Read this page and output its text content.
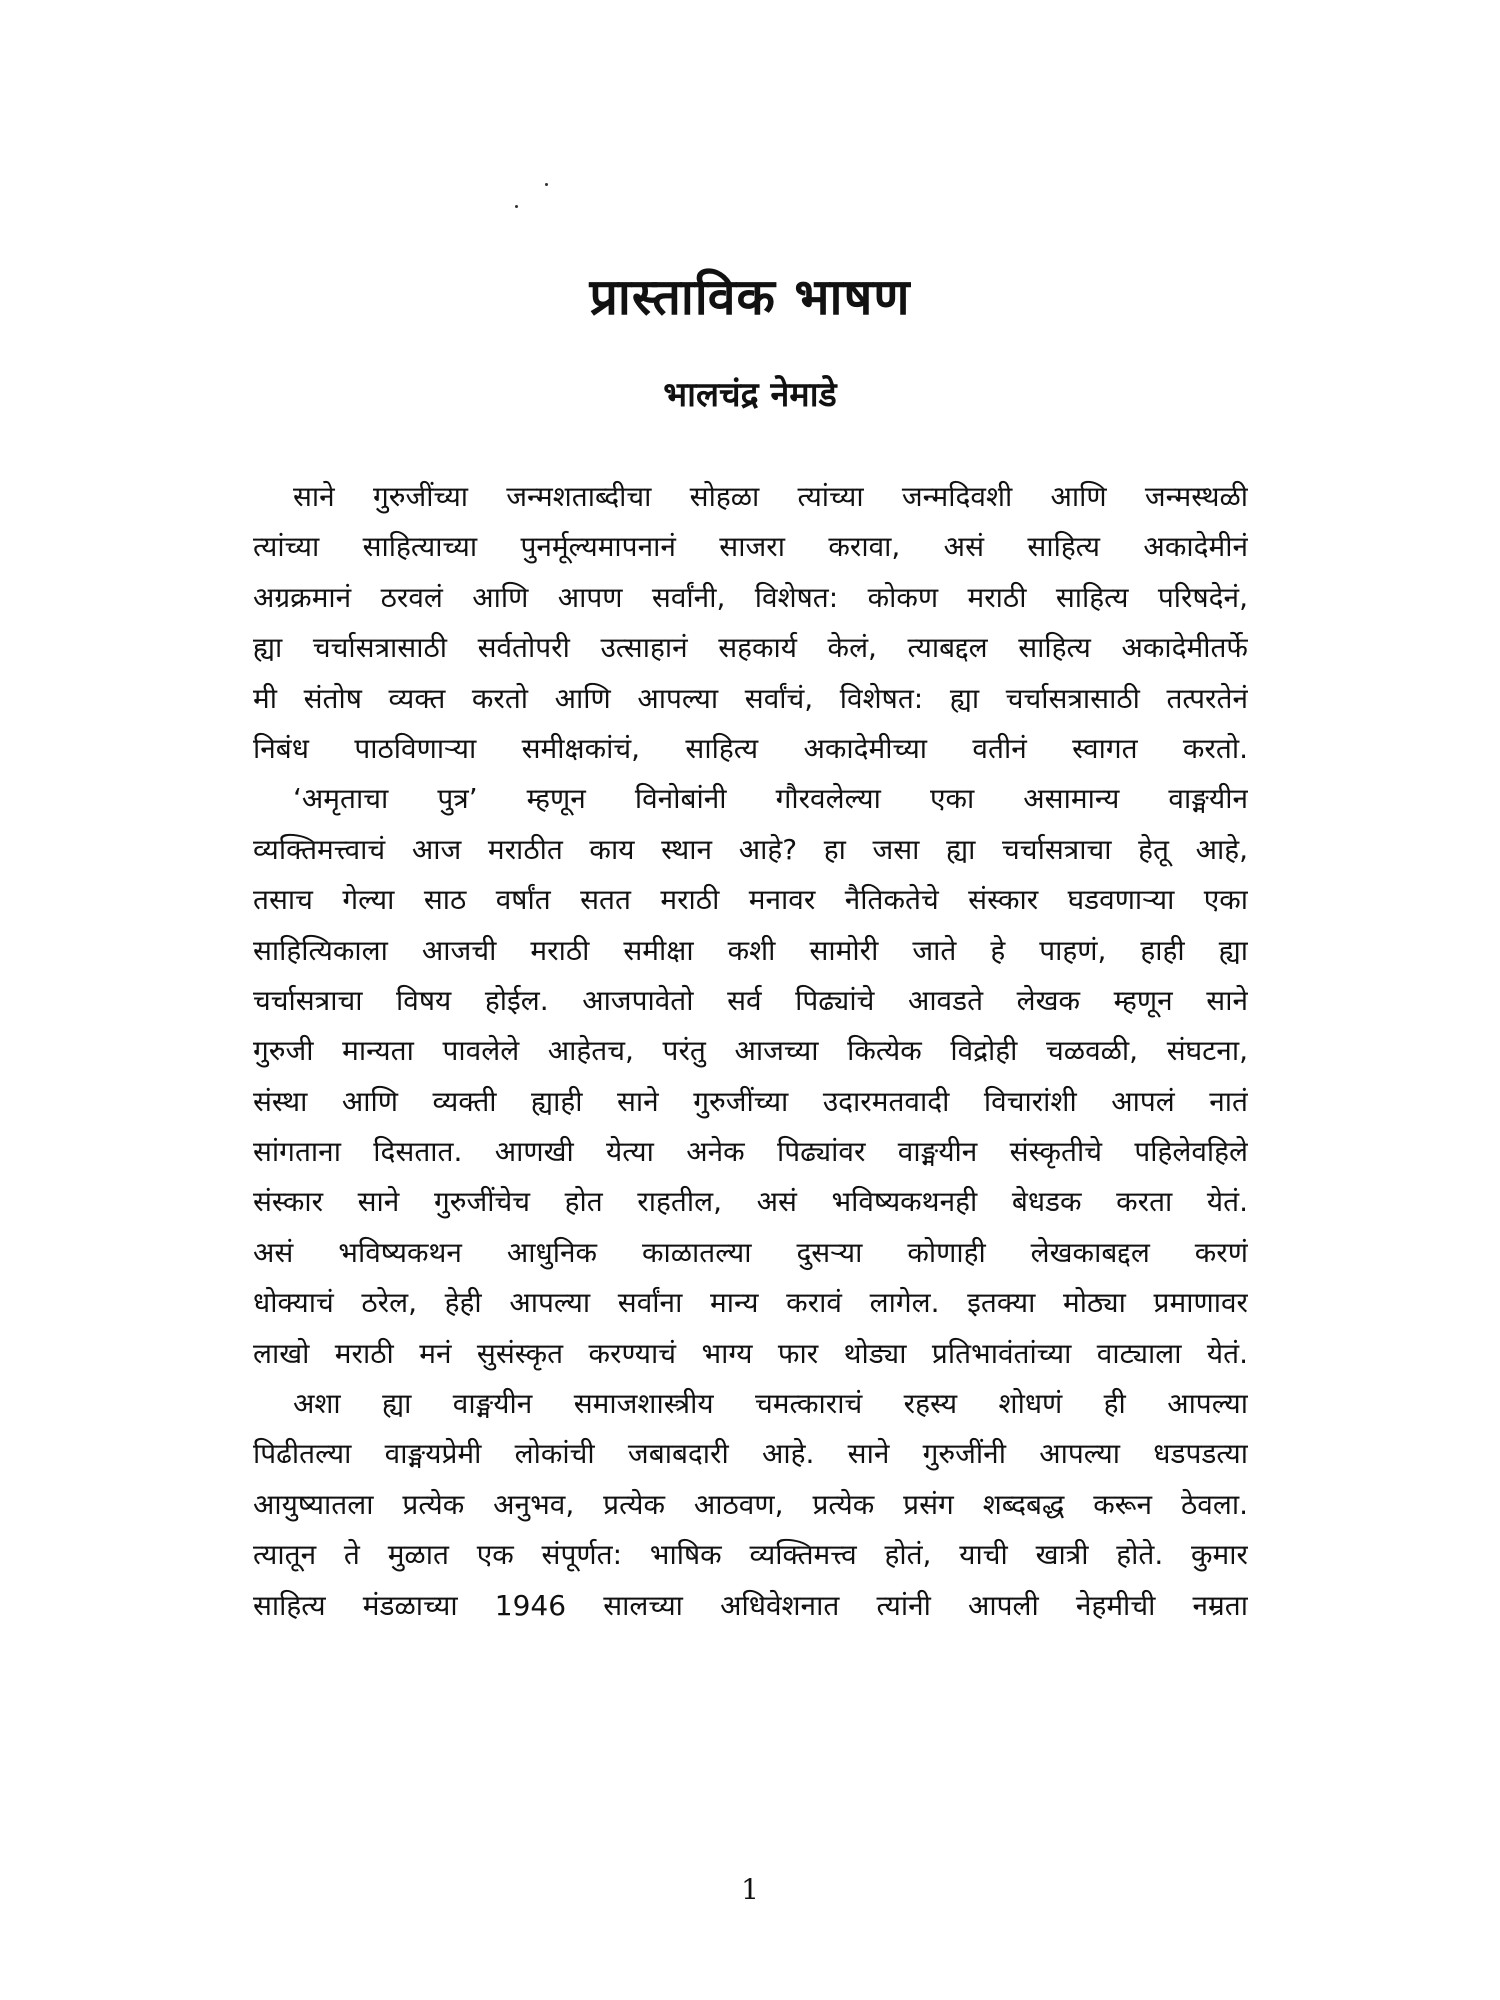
प्रास्ताविक भाषण
भालचंद्र नेमाडे
साने गुरुजींच्या जन्मशताब्दीचा सोहळा त्यांच्या जन्मदिवशी आणि जन्मस्थळी
त्यांच्या साहित्याच्या पुनर्मूल्यमापनानं साजरा करावा, असं साहित्य अकादेमीनं
अग्रक्रमानं ठरवलं आणि आपण सर्वांनी, विशेषत: कोकण मराठी साहित्य परिषदेनं,
ह्या चर्चासत्रासाठी सर्वतोपरी उत्साहानं सहकार्य केलं, त्याबद्दल साहित्य अकादेमीतर्फे
मी संतोष व्यक्त करतो आणि आपल्या सर्वांचं, विशेषत: ह्या चर्चासत्रासाठी तत्परतेनं
निबंध पाठविणाऱ्या समीक्षकांचं, साहित्य अकादेमीच्या वतीनं स्वागत करतो.
‘अमृताचा पुत्र’ म्हणून विनोबांनी गौरवलेल्या एका असामान्य वाङ्मयीन
व्यक्तिमत्त्वाचं आज मराठीत काय स्थान आहे? हा जसा ह्या चर्चासत्राचा हेतू आहे,
तसाच गेल्या साठ वर्षांत सतत मराठी मनावर नैतिकतेचे संस्कार घडवणाऱ्या एका
साहित्यिकाला आजची मराठी समीक्षा कशी सामोरी जाते हे पाहणं, हाही ह्या
चर्चासत्राचा विषय होईल. आजपावेतो सर्व पिढ्यांचे आवडते लेखक म्हणून साने
गुरुजी मान्यता पावलेले आहेतच, परंतु आजच्या कित्येक विद्रोही चळवळी, संघटना,
संस्था आणि व्यक्ती ह्याही साने गुरुजींच्या उदारमतवादी विचारांशी आपलं नातं
सांगताना दिसतात. आणखी येत्या अनेक पिढ्यांवर वाङ्मयीन संस्कृतीचे पहिलेवहिले
संस्कार साने गुरुजींचेच होत राहतील, असं भविष्यकथनही बेधडक करता येतं.
असं भविष्यकथन आधुनिक काळातल्या दुसऱ्या कोणाही लेखकाबद्दल करणं
धोक्याचं ठरेल, हेही आपल्या सर्वांना मान्य करावं लागेल. इतक्या मोठ्या प्रमाणावर
लाखो मराठी मनं सुसंस्कृत करण्याचं भाग्य फार थोड्या प्रतिभावंतांच्या वाट्याला येतं.
अशा ह्या वाङ्मयीन समाजशास्त्रीय चमत्काराचं रहस्य शोधणं ही आपल्या
पिढीतल्या वाङ्मयप्रेमी लोकांची जबाबदारी आहे. साने गुरुजींनी आपल्या धडपडत्या
आयुष्यातला प्रत्येक अनुभव, प्रत्येक आठवण, प्रत्येक प्रसंग शब्दबद्ध करून ठेवला.
त्यातून ते मुळात एक संपूर्णत: भाषिक व्यक्तिमत्त्व होतं, याची खात्री होते. कुमार
साहित्य मंडळाच्या 1946 सालच्या अधिवेशनात त्यांनी आपली नेहमीची नम्रता
1
